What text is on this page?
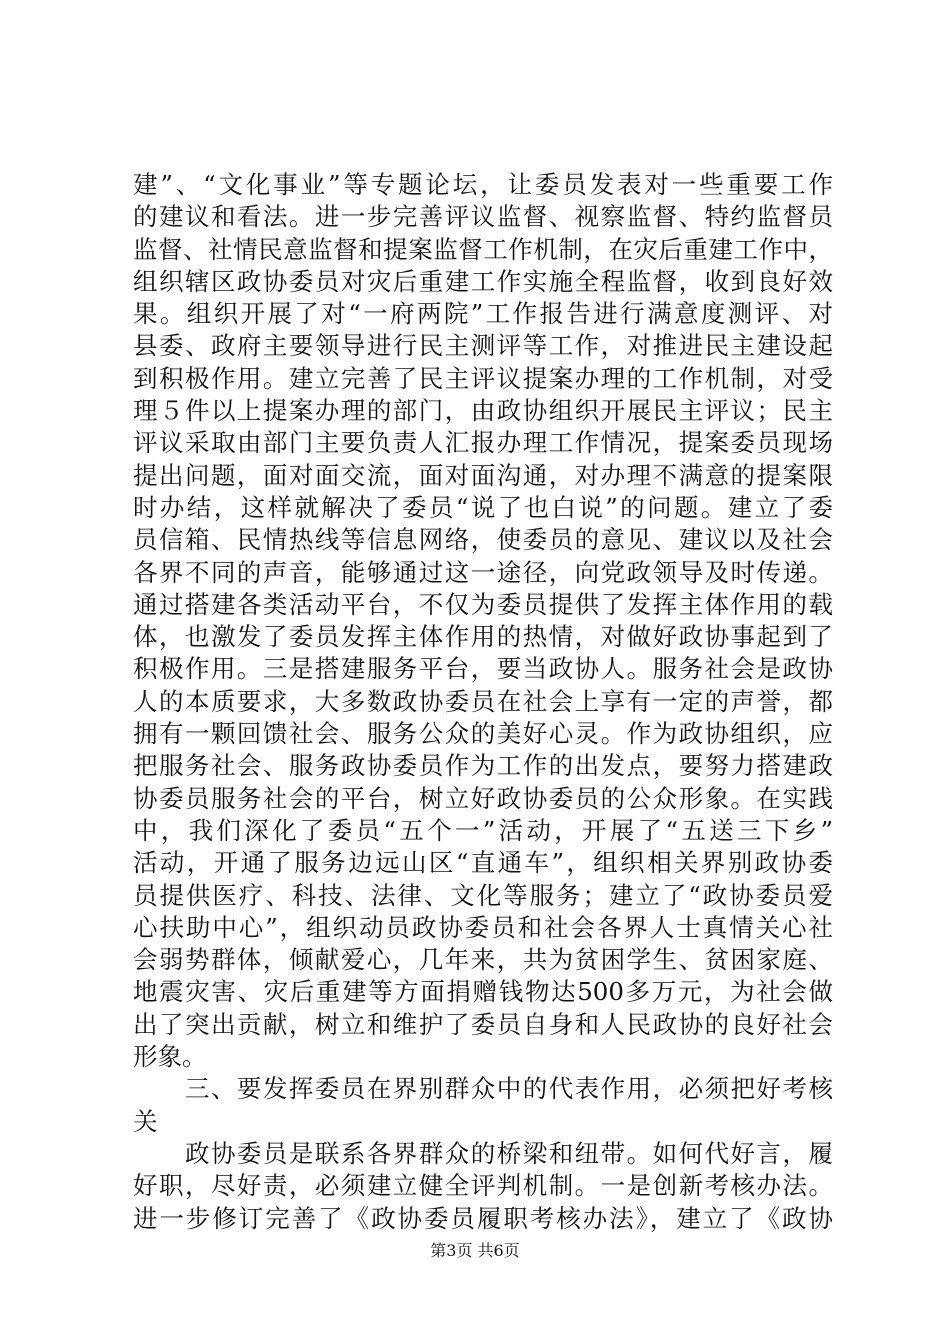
建”、“文化事业”等专题论坛，让委员发表对一些重要工作
的建议和看法。进一步完善评议监督、视察监督、特约监督员
监督、社情民意监督和提案监督工作机制，在灾后重建工作中，
组织辖区政协委员对灾后重建工作实施全程监督，收到良好效
果。组织开展了对“一府两院”工作报告进行满意度测评、对
县委、政府主要领导进行民主测评等工作，对推进民主建设起
到积极作用。建立完善了民主评议提案办理的工作机制，对受
理５件以上提案办理的部门，由政协组织开展民主评议；民主
评议采取由部门主要负责人汇报办理工作情况，提案委员现场
提出问题，面对面交流，面对面沟通，对办理不满意的提案限
时办结，这样就解决了委员“说了也白说”的问题。建立了委
员信箱、民情热线等信息网络，使委员的意见、建议以及社会
各界不同的声音，能够通过这一途径，向党政领导及时传递。
通过搭建各类活动平台，不仅为委员提供了发挥主体作用的载
体，也激发了委员发挥主体作用的热情，对做好政协事起到了
积极作用。三是搭建服务平台，要当政协人。服务社会是政协
人的本质要求，大多数政协委员在社会上享有一定的声誉，都
拥有一颗回馈社会、服务公众的美好心灵。作为政协组织，应
把服务社会、服务政协委员作为工作的出发点，要努力搭建政
协委员服务社会的平台，树立好政协委员的公众形象。在实践
中，我们深化了委员“五个一”活动，开展了“五送三下乡”
活动，开通了服务边远山区“直通车”，组织相关界别政协委
员提供医疗、科技、法律、文化等服务；建立了“政协委员爱
心扶助中心”，组织动员政协委员和社会各界人士真情关心社
会弱势群体，倾献爱心，几年来，共为贫困学生、贫困家庭、
地震灾害、灾后重建等方面捐赠钱物达500多万元，为社会做
出了突出贡献，树立和维护了委员自身和人民政协的良好社会
形象。
　　三、要发挥委员在界别群众中的代表作用，必须把好考核
关
　　政协委员是联系各界群众的桥梁和纽带。如何代好言，履
好职，尽好责，必须建立健全评判机制。一是创新考核办法。
进一步修订完善了《政协委员履职考核办法》，建立了《政协
第3页 共6页
